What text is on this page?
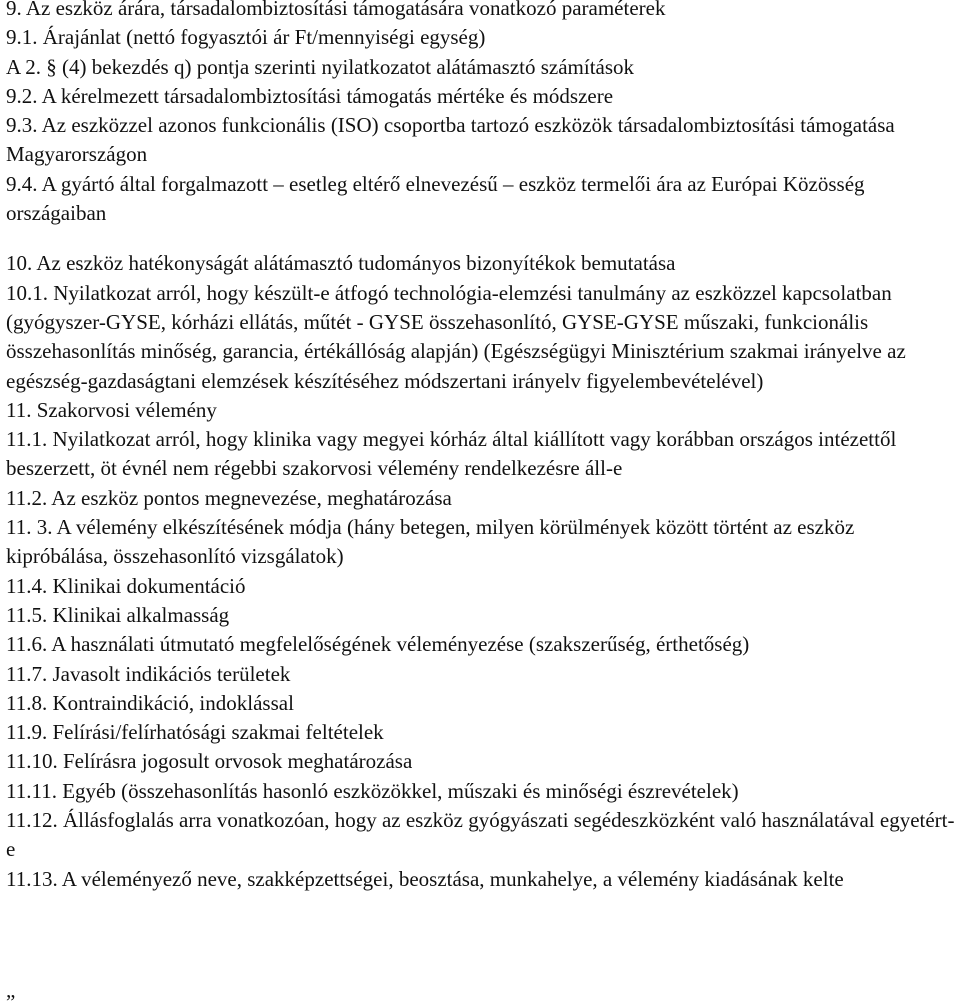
9. Az eszköz árára, társadalombiztosítási támogatására vonatkozó paraméterek

9.1. Árajánlat (nettó fogyasztói ár Ft/mennyiségi egység)

A 2. § (4) bekezdés q) pontja szerinti nyilatkozatot alátámasztó számítások

9.2. A kérelmezett társadalombiztosítási támogatás mértéke és módszere

9.3. Az eszközzel azonos funkcionális (ISO) csoportba tartozó eszközök társadalombiztosítási támogatása Magyarországon

9.4. A gyártó által forgalmazott – esetleg eltérő elnevezésű – eszköz termelői ára az Európai Közösség országaiban

10. Az eszköz hatékonyságát alátámasztó tudományos bizonyítékok bemutatása

10.1. Nyilatkozat arról, hogy készült-e átfogó technológia-elemzési tanulmány az eszközzel kapcsolatban (gyógyszer-GYSE, kórházi ellátás, műtét - GYSE összehasonlító, GYSE-GYSE műszaki, funkcionális összehasonlítás minőség, garancia, értékállóság alapján) (Egészségügyi Minisztérium szakmai irányelve az egészség-gazdaságtani elemzések készítéséhez módszertani irányelv figyelembevételével)

11. Szakorvosi vélemény

11.1. Nyilatkozat arról, hogy klinika vagy megyei kórház által kiállított vagy korábban országos intézettől beszerzett, öt évnél nem régebbi szakorvosi vélemény rendelkezésre áll-e

11.2. Az eszköz pontos megnevezése, meghatározása

11. 3. A vélemény elkészítésének módja (hány betegen, milyen körülmények között történt az eszköz kipróbálása, összehasonlító vizsgálatok)

11.4. Klinikai dokumentáció

11.5. Klinikai alkalmasság

11.6. A használati útmutató megfelelőségének véleményezése (szakszerűség, érthetőség)

11.7. Javasolt indikációs területek

11.8. Kontraindikáció, indoklással

11.9. Felírási/felírhatósági szakmai feltételek

11.10. Felírásra jogosult orvosok meghatározása

11.11. Egyéb (összehasonlítás hasonló eszközökkel, műszaki és minőségi észrevételek)

11.12. Állásfoglalás arra vonatkozóan, hogy az eszköz gyógyászati segédeszközként való használatával egyetért-e

11.13. A véleményező neve, szakképzettségei, beosztása, munkahelye, a vélemény kiadásának kelte

„
